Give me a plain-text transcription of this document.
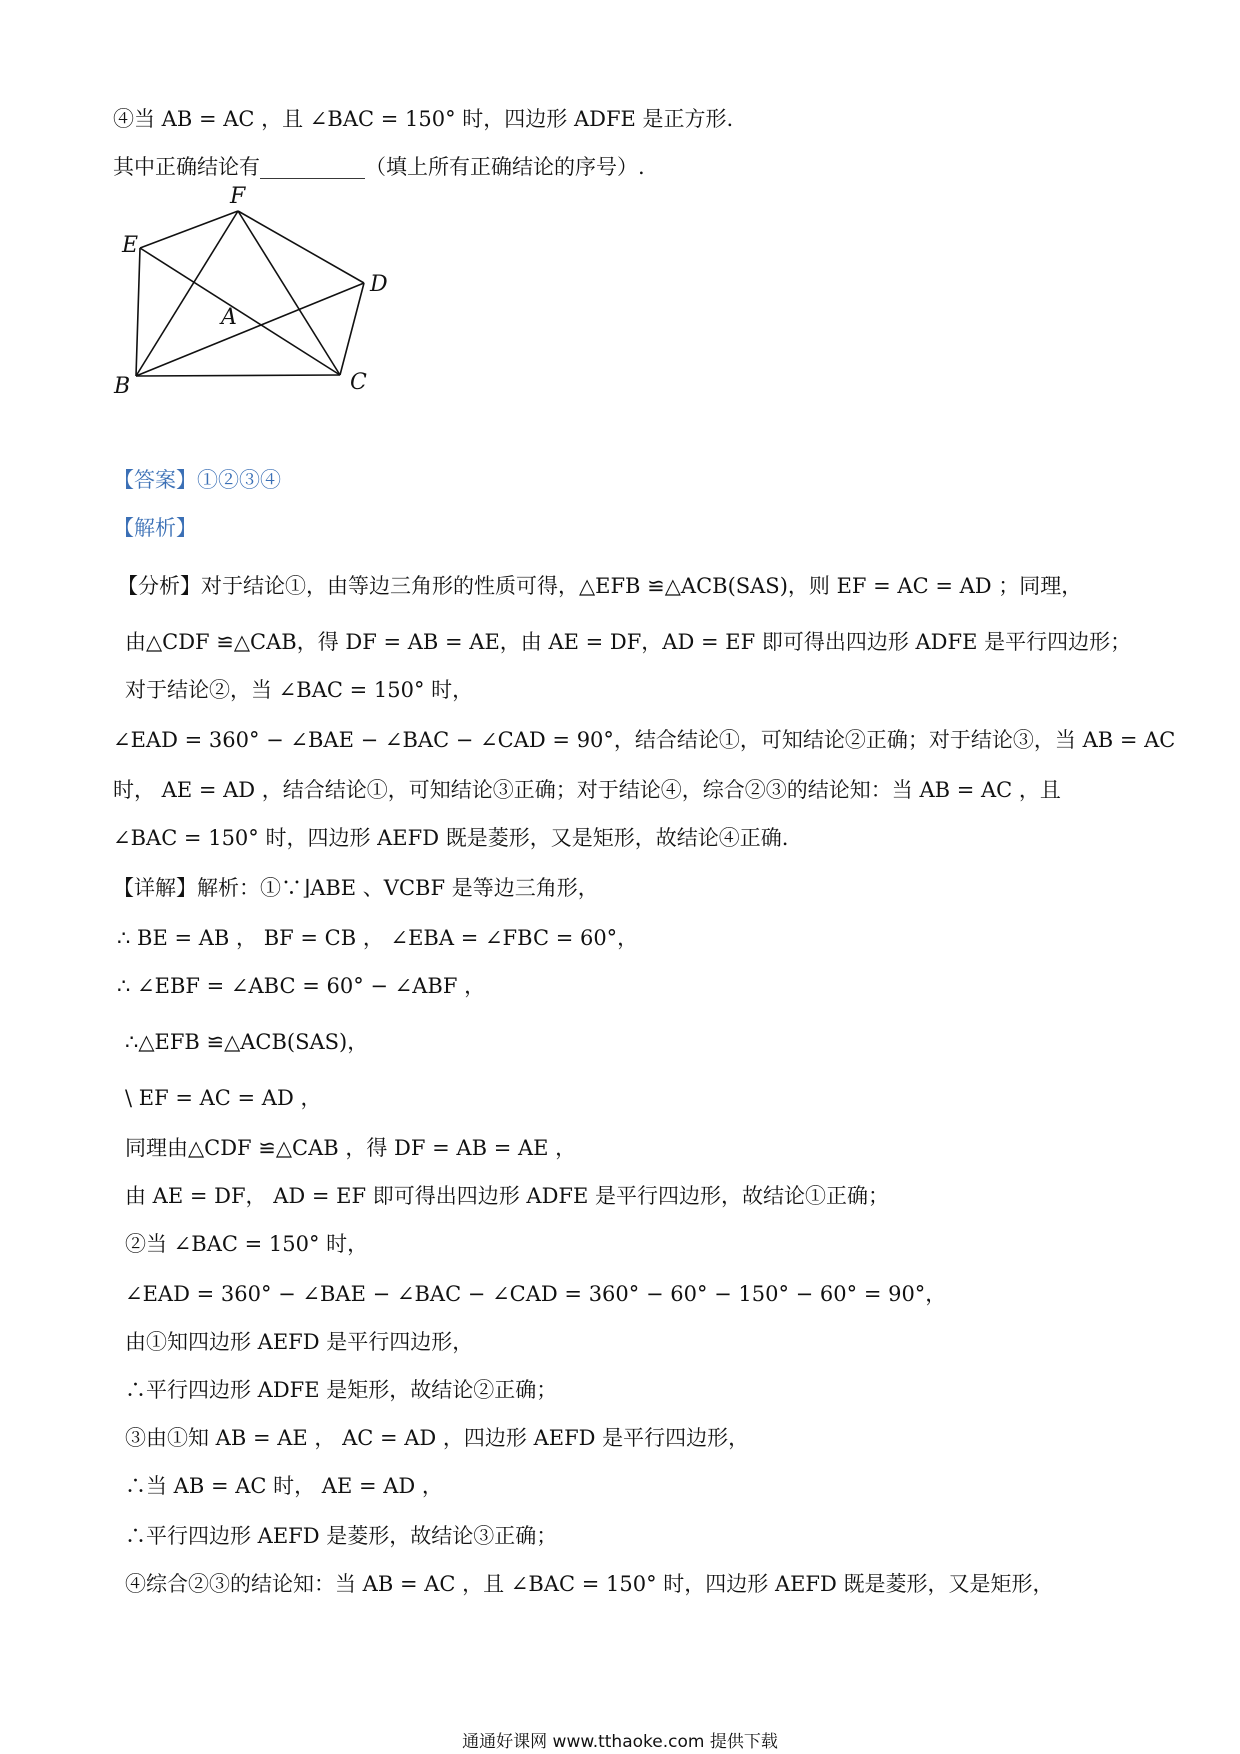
④当 AB = AC ，且 ∠BAC = 150° 时，四边形 ADFE 是正方形.
其中正确结论有__________（填上所有正确结论的序号）.
F
E
D
A
B	C
【答案】①②③④
【解析】
【分析】对于结论①，由等边三角形的性质可得，△EFB ≌△ACB(SAS)，则 EF = AC = AD ；同理，
由△CDF ≌△CAB，得 DF = AB = AE，由 AE = DF，AD = EF 即可得出四边形 ADFE 是平行四边形；
对于结论②，当 ∠BAC = 150° 时，
∠EAD = 360° − ∠BAE − ∠BAC − ∠CAD = 90°，结合结论①，可知结论②正确；对于结论③，当 AB = AC
时， AE = AD ，结合结论①，可知结论③正确；对于结论④，综合②③的结论知：当 AB = AC ，且
∠BAC = 150° 时，四边形 AEFD 既是菱形，又是矩形，故结论④正确.
【详解】解析：①∵⌋ABE 、VCBF 是等边三角形，
∴ BE = AB ， BF = CB ， ∠EBA = ∠FBC = 60°，
∴ ∠EBF = ∠ABC = 60° − ∠ABF ，
∴△EFB ≌△ACB(SAS)，
\ EF = AC = AD ，
同理由△CDF ≌△CAB ，得 DF = AB = AE ，
由 AE = DF， AD = EF 即可得出四边形 ADFE 是平行四边形，故结论①正确；
②当 ∠BAC = 150° 时，
∠EAD = 360° − ∠BAE − ∠BAC − ∠CAD = 360° − 60° − 150° − 60° = 90°，
由①知四边形 AEFD 是平行四边形，
∴平行四边形 ADFE 是矩形，故结论②正确；
③由①知 AB = AE ， AC = AD ，四边形 AEFD 是平行四边形，
∴当 AB = AC 时， AE = AD ，
∴平行四边形 AEFD 是菱形，故结论③正确；
④综合②③的结论知：当 AB = AC ，且 ∠BAC = 150° 时，四边形 AEFD 既是菱形，又是矩形，
通通好课网 www.tthaoke.com 提供下载
